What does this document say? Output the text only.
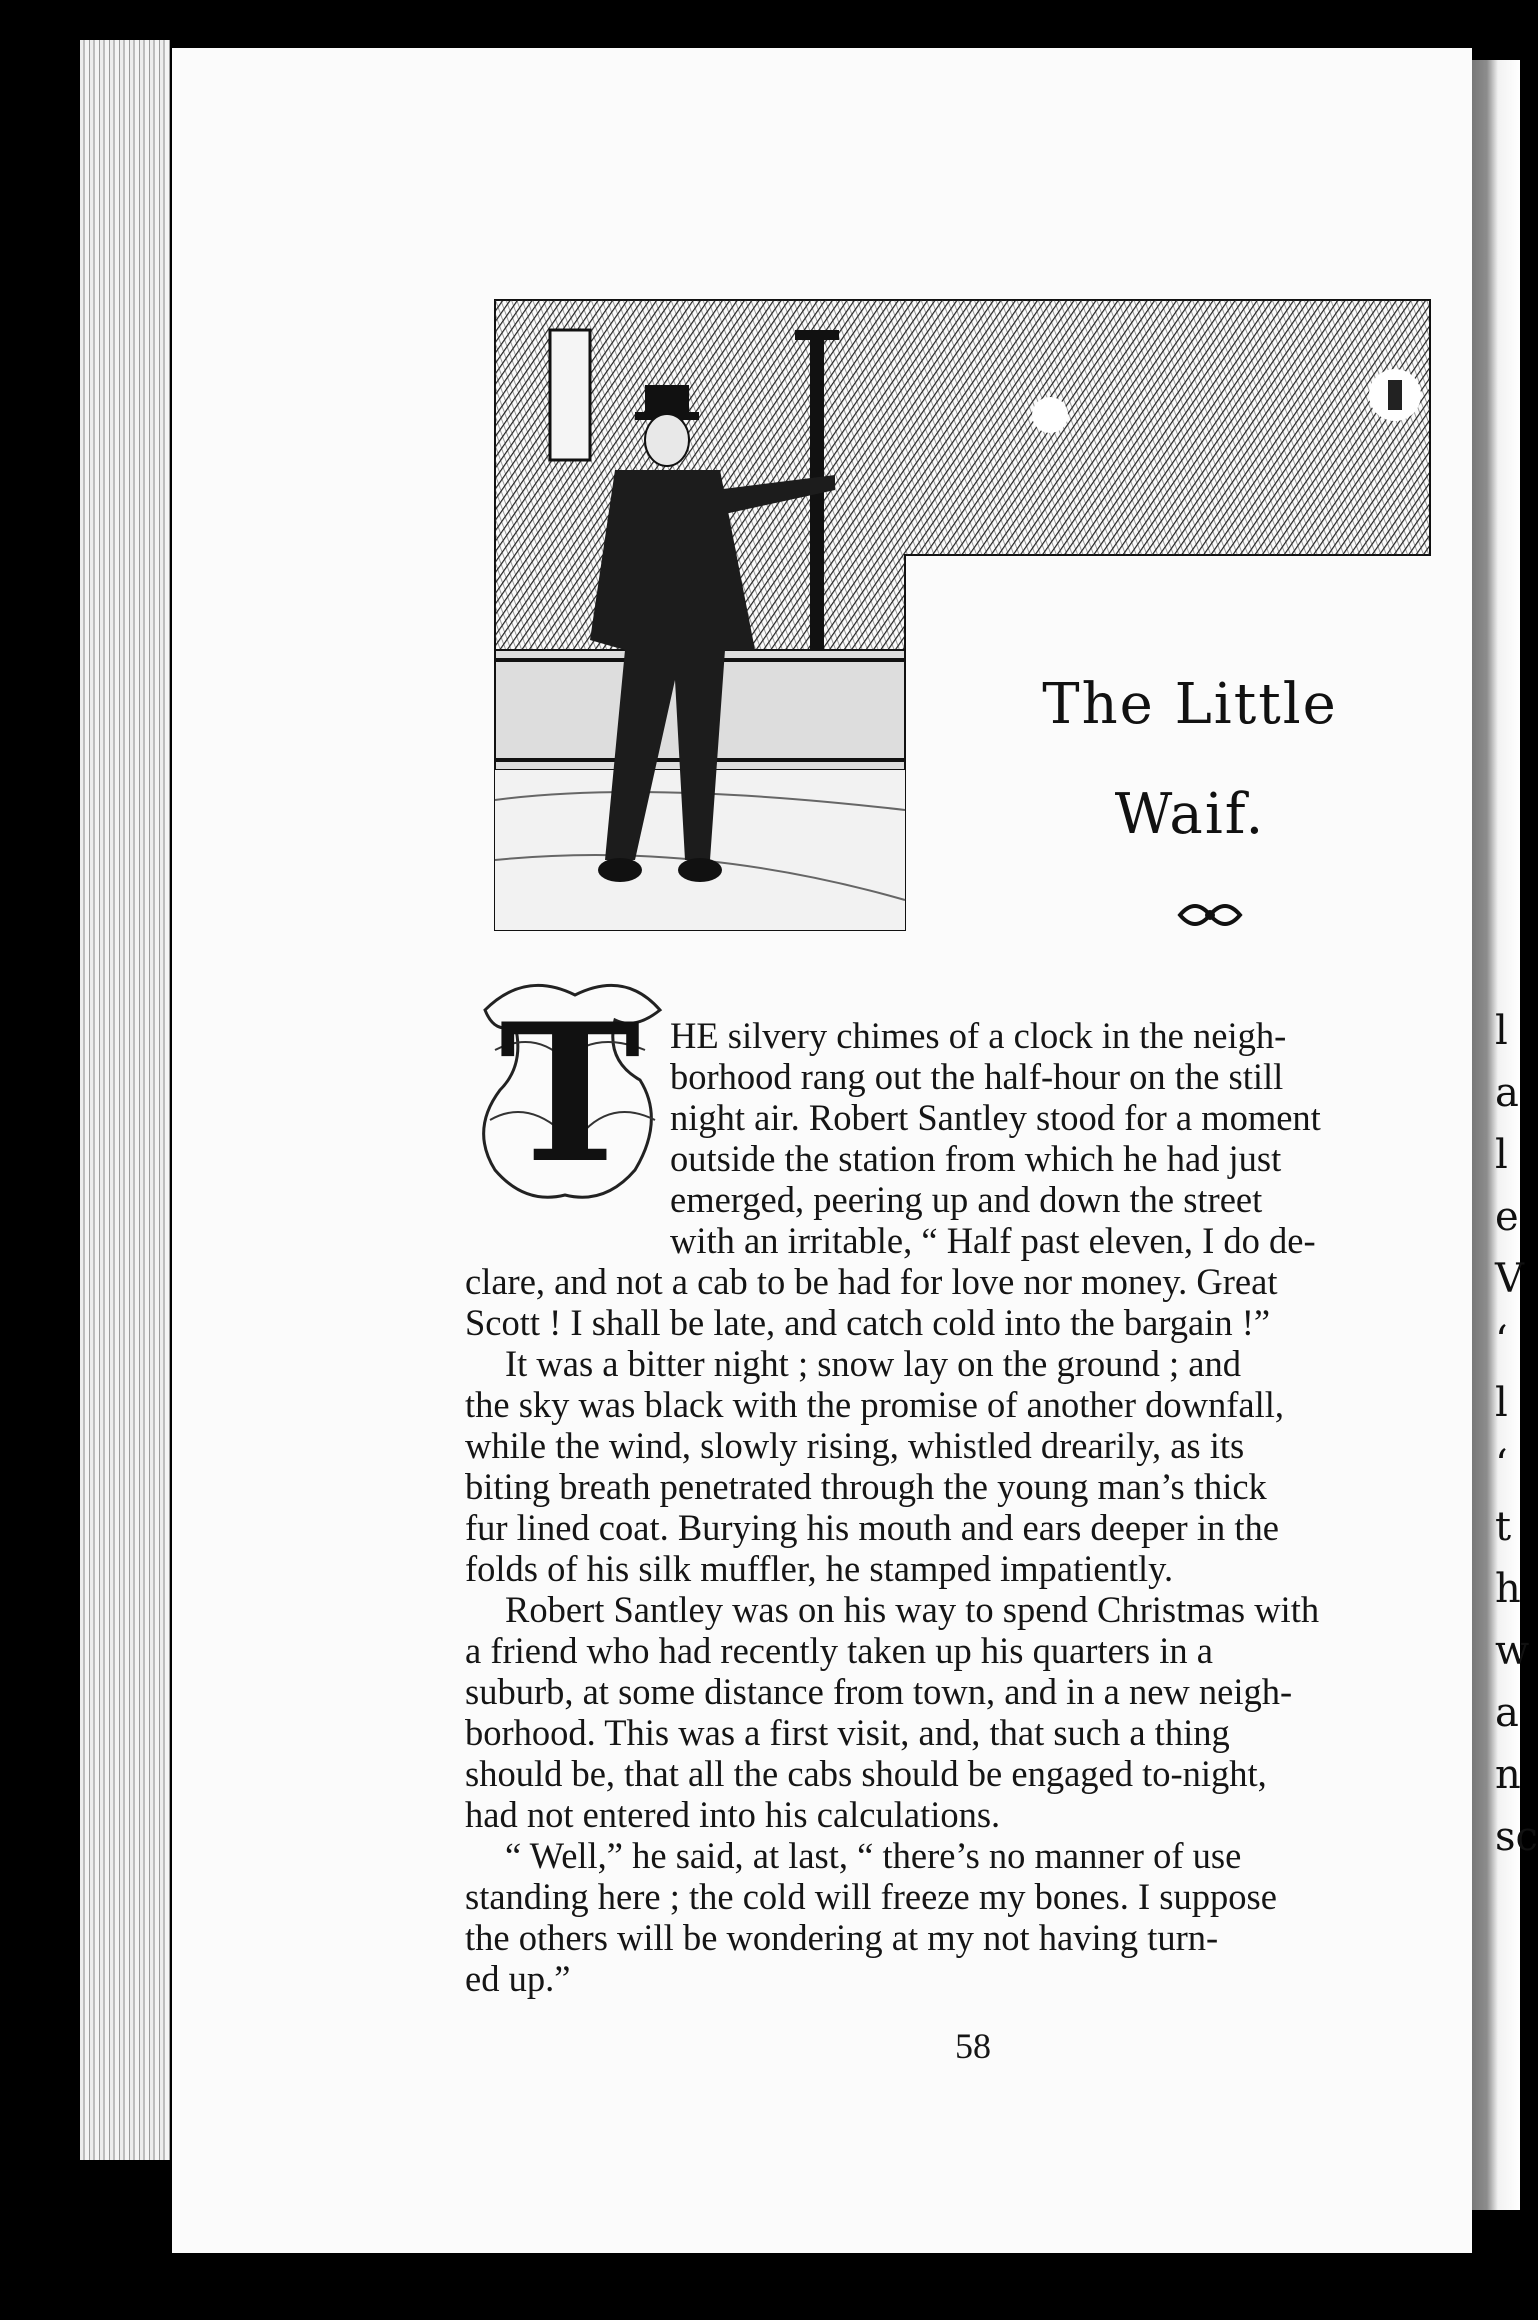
The Little
Waif.
T HE silvery chimes of a clock in the neigh-
borhood rang out the half-hour on the still
night air. Robert Santley stood for a moment
outside the station from which he had just
emerged, peering up and down the street
with an irritable, “ Half past eleven, I do de-
clare, and not a cab to be had for love nor money. Great
Scott ! I shall be late, and catch cold into the bargain !”
It was a bitter night ; snow lay on the ground ; and
the sky was black with the promise of another downfall,
while the wind, slowly rising, whistled drearily, as its
biting breath penetrated through the young man’s thick
fur lined coat. Burying his mouth and ears deeper in the
folds of his silk muffler, he stamped impatiently.
Robert Santley was on his way to spend Christmas with
a friend who had recently taken up his quarters in a
suburb, at some distance from town, and in a new neigh-
borhood. This was a first visit, and, that such a thing
should be, that all the cabs should be engaged to-night,
had not entered into his calculations.
“ Well,” he said, at last, “ there’s no manner of use
standing here ; the cold will freeze my bones. I suppose
the others will be wondering at my not having turn-
ed up.”
58
l
a
l
e
V
‘
l
‘
t
h
w
a
n
sc
